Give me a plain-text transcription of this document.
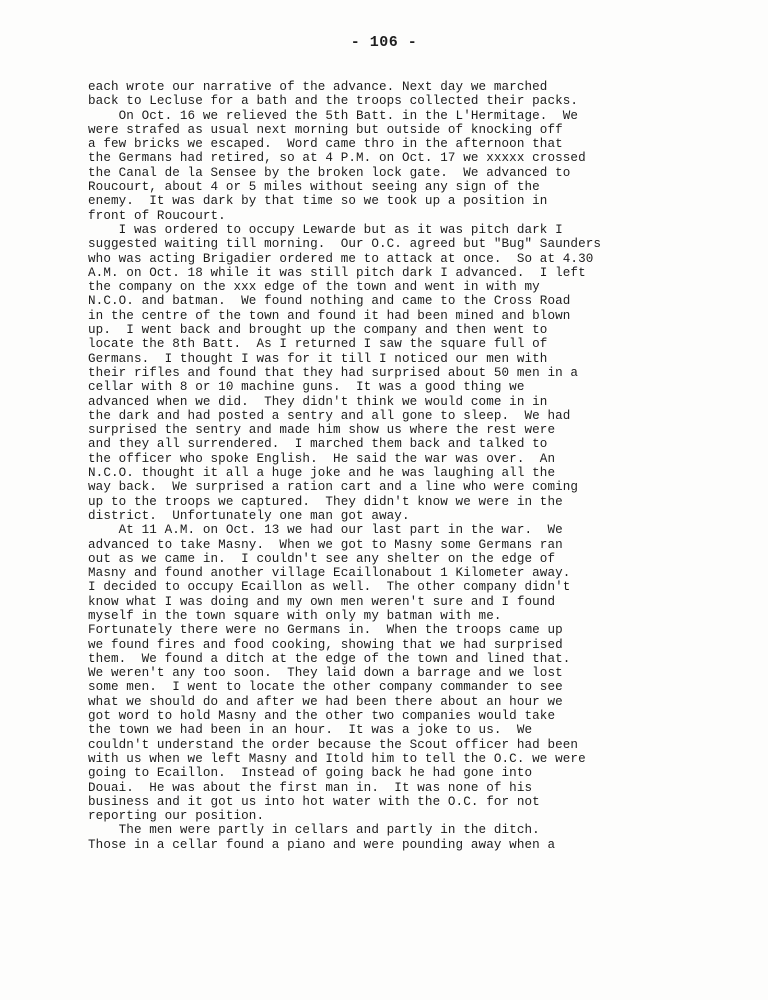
- 106 -
each wrote our narrative of the advance. Next day we marched
back to Lecluse for a bath and the troops collected their packs.
On Oct. 16 we relieved the 5th Batt. in the L'Hermitage.  We
were strafed as usual next morning but outside of knocking off
a few bricks we escaped.  Word came thro in the afternoon that
the Germans had retired, so at 4 P.M. on Oct. 17 we xxxxx crossed
the Canal de la Sensee by the broken lock gate.  We advanced to
Roucourt, about 4 or 5 miles without seeing any sign of the
enemy.  It was dark by that time so we took up a position in
front of Roucourt.
I was ordered to occupy Lewarde but as it was pitch dark I
suggested waiting till morning.  Our O.C. agreed but "Bug" Saunders
who was acting Brigadier ordered me to attack at once.  So at 4.30
A.M. on Oct. 18 while it was still pitch dark I advanced.  I left
the company on the xxx edge of the town and went in with my
N.C.O. and batman.  We found nothing and came to the Cross Road
in the centre of the town and found it had been mined and blown
up.  I went back and brought up the company and then went to
locate the 8th Batt.  As I returned I saw the square full of
Germans.  I thought I was for it till I noticed our men with
their rifles and found that they had surprised about 50 men in a
cellar with 8 or 10 machine guns.  It was a good thing we
advanced when we did.  They didn't think we would come in in
the dark and had posted a sentry and all gone to sleep.  We had
surprised the sentry and made him show us where the rest were
and they all surrendered.  I marched them back and talked to
the officer who spoke English.  He said the war was over.  An
N.C.O. thought it all a huge joke and he was laughing all the
way back.  We surprised a ration cart and a line who were coming
up to the troops we captured.  They didn't know we were in the
district.  Unfortunately one man got away.
At 11 A.M. on Oct. 13 we had our last part in the war.  We
advanced to take Masny.  When we got to Masny some Germans ran
out as we came in.  I couldn't see any shelter on the edge of
Masny and found another village Ecaillonabout 1 Kilometer away.
I decided to occupy Ecaillon as well.  The other company didn't
know what I was doing and my own men weren't sure and I found
myself in the town square with only my batman with me.
Fortunately there were no Germans in.  When the troops came up
we found fires and food cooking, showing that we had surprised
them.  We found a ditch at the edge of the town and lined that.
We weren't any too soon.  They laid down a barrage and we lost
some men.  I went to locate the other company commander to see
what we should do and after we had been there about an hour we
got word to hold Masny and the other two companies would take
the town we had been in an hour.  It was a joke to us.  We
couldn't understand the order because the Scout officer had been
with us when we left Masny and Itold him to tell the O.C. we were
going to Ecaillon.  Instead of going back he had gone into
Douai.  He was about the first man in.  It was none of his
business and it got us into hot water with the O.C. for not
reporting our position.
The men were partly in cellars and partly in the ditch.
Those in a cellar found a piano and were pounding away when a
